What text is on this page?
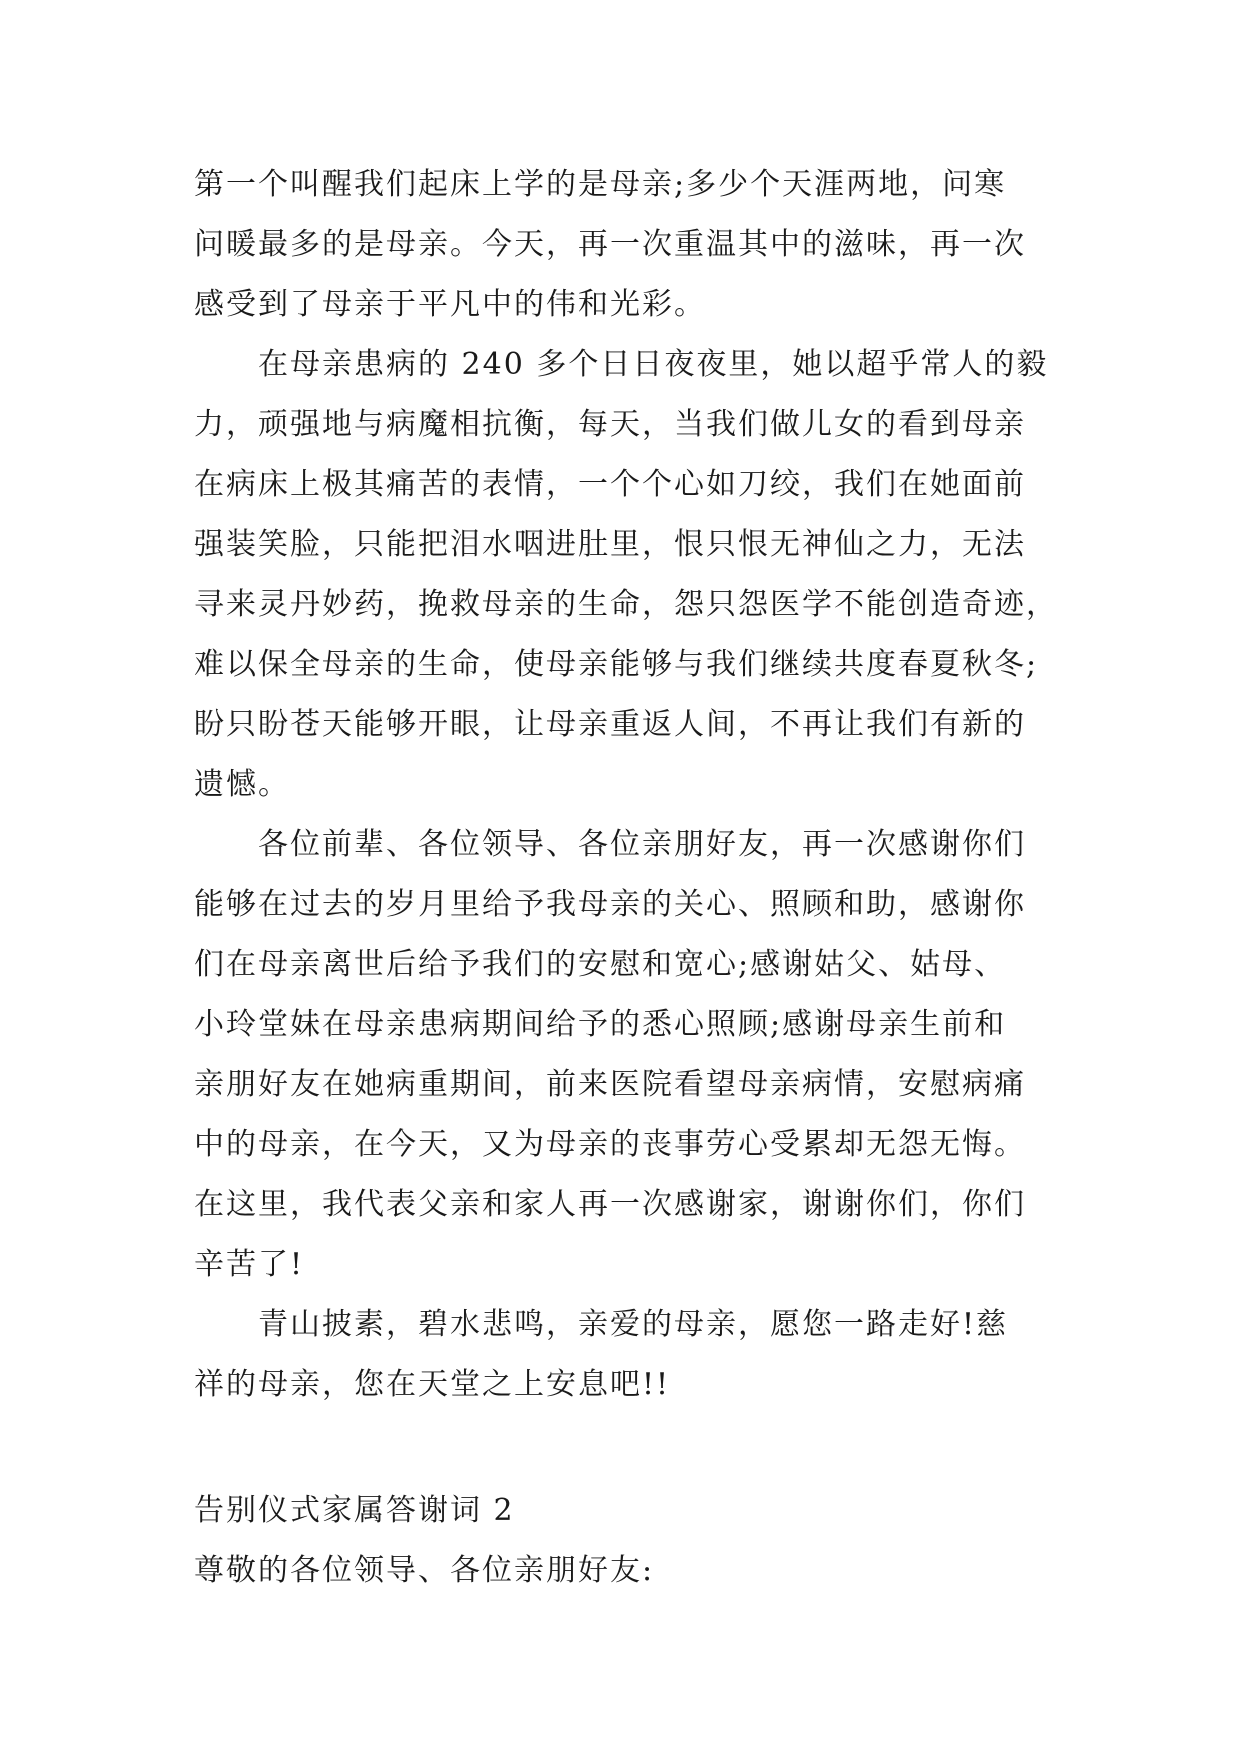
第一个叫醒我们起床上学的是母亲;多少个天涯两地，问寒
问暖最多的是母亲。今天，再一次重温其中的滋味，再一次
感受到了母亲于平凡中的伟和光彩。
在母亲患病的 240 多个日日夜夜里，她以超乎常人的毅
力，顽强地与病魔相抗衡，每天，当我们做儿女的看到母亲
在病床上极其痛苦的表情，一个个心如刀绞，我们在她面前
强装笑脸，只能把泪水咽进肚里，恨只恨无神仙之力，无法
寻来灵丹妙药，挽救母亲的生命，怨只怨医学不能创造奇迹，
难以保全母亲的生命，使母亲能够与我们继续共度春夏秋冬;
盼只盼苍天能够开眼，让母亲重返人间，不再让我们有新的
遗憾。
各位前辈、各位领导、各位亲朋好友，再一次感谢你们
能够在过去的岁月里给予我母亲的关心、照顾和助，感谢你
们在母亲离世后给予我们的安慰和宽心;感谢姑父、姑母、
小玲堂妹在母亲患病期间给予的悉心照顾;感谢母亲生前和
亲朋好友在她病重期间，前来医院看望母亲病情，安慰病痛
中的母亲，在今天，又为母亲的丧事劳心受累却无怨无悔。
在这里，我代表父亲和家人再一次感谢家，谢谢你们，你们
辛苦了!
青山披素，碧水悲鸣，亲爱的母亲，愿您一路走好!慈
祥的母亲，您在天堂之上安息吧!!
告别仪式家属答谢词 2
尊敬的各位领导、各位亲朋好友:
